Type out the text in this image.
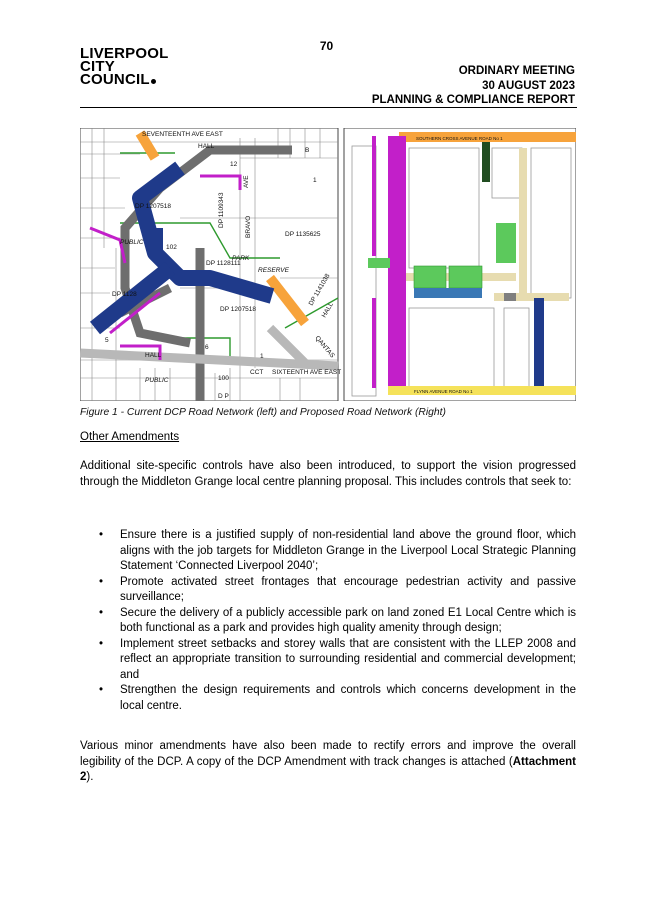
LIVERPOOL
CITY
COUNCIL
70
ORDINARY MEETING
30 AUGUST 2023
PLANNING & COMPLIANCE REPORT
SEVENTEENTH AVE EAST
HALL
B
12
1
DP 1207518	DP 1109343	BRAVO
AVE
DP 1135625
PUBLIC
102
DP 1128111
RESERVE
PARK
DP 1207518
DP 1141038
DP 1128
HALL
5
6
HALL	1	QANTAS
PUBLIC	100
CCT SIXTEENTH AVE EAST
D P
SOUTHERN CROSS AVENUE ROAD No 1
FLYNN AVENUE ROAD No 1
Figure 1 - Current DCP Road Network (left) and Proposed Road Network (Right)
Other Amendments
Additional site-specific controls have also been introduced, to support the vision progressed through the Middleton Grange local centre planning proposal. This includes controls that seek to:
• Ensure there is a justified supply of non-residential land above the ground floor, which aligns with the job targets for Middleton Grange in the Liverpool Local Strategic Planning Statement ‘Connected Liverpool 2040’;
• Promote activated street frontages that encourage pedestrian activity and passive surveillance;
• Secure the delivery of a publicly accessible park on land zoned E1 Local Centre which is both functional as a park and provides high quality amenity through design;
• Implement street setbacks and storey walls that are consistent with the LLEP 2008 and reflect an appropriate transition to surrounding residential and commercial development; and
• Strengthen the design requirements and controls which concerns development in the local centre.
Various minor amendments have also been made to rectify errors and improve the overall legibility of the DCP. A copy of the DCP Amendment with track changes is attached (Attachment 2).
